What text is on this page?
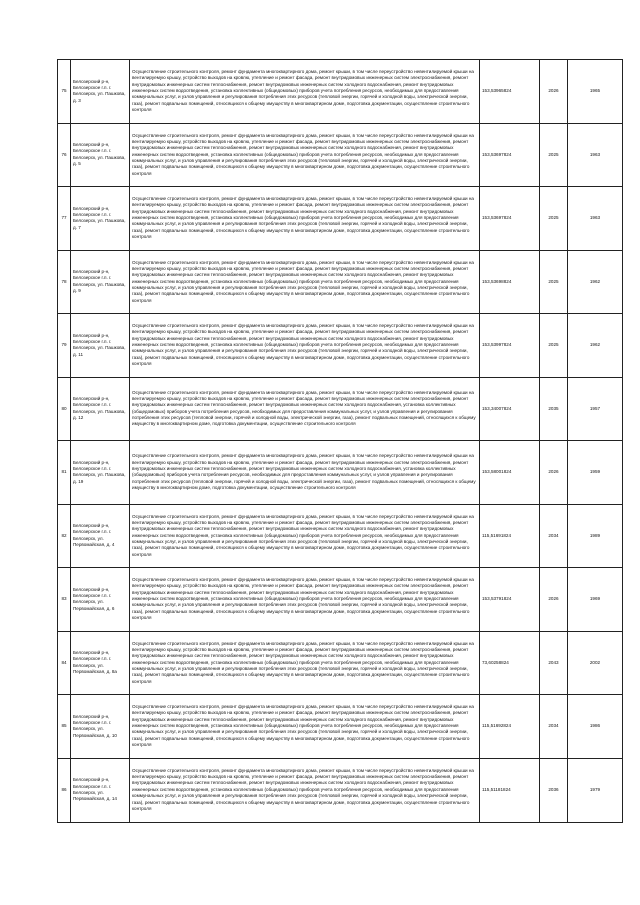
75	Белозерский р-н, Белозерское г.п. г. Белозерск, ул. Пашкова, д. 3	Осуществление строительного контроля, ремонт фундамента многоквартирного дома, ремонт крыши, в том числе переустройство невентилируемой крыши на вентилируемую крышу, устройство выходов на кровлю, утепление и ремонт фасада, ремонт внутридомовых инженерных систем электроснабжения, ремонт внутридомовых инженерных систем теплоснабжения, ремонт внутридомовых инженерных систем холодного водоснабжения, ремонт внутридомовых инженерных систем водоотведения, установка коллективных (общедомовых) приборов учета потребления ресурсов, необходимых для предоставления коммунальных услуг, и узлов управления и регулирования потребления этих ресурсов (тепловой энергии, горячей и холодной воды, электрической энергии, газа), ремонт подвальных помещений, относящихся к общему имуществу в многоквартирном доме, подготовка документации, осуществление строительного контроля	153,53965824	2026	1965
76	Белозерский р-н, Белозерское г.п. г. Белозерск, ул. Пашкова, д. 5	Осуществление строительного контроля, ремонт фундамента многоквартирного дома, ремонт крыши, в том числе переустройство невентилируемой крыши на вентилируемую крышу, устройство выходов на кровлю, утепление и ремонт фасада, ремонт внутридомовых инженерных систем электроснабжения, ремонт внутридомовых инженерных систем теплоснабжения, ремонт внутридомовых инженерных систем холодного водоснабжения, ремонт внутридомовых инженерных систем водоотведения, установка коллективных (общедомовых) приборов учета потребления ресурсов, необходимых для предоставления коммунальных услуг, и узлов управления и регулирования потребления этих ресурсов (тепловой энергии, горячей и холодной воды, электрической энергии, газа), ремонт подвальных помещений, относящихся к общему имуществу в многоквартирном доме, подготовка документации, осуществление строительного контроля	153,53697824	2025	1963
77	Белозерский р-н, Белозерское г.п. г. Белозерск, ул. Пашкова, д. 7	Осуществление строительного контроля, ремонт фундамента многоквартирного дома, ремонт крыши, в том числе переустройство невентилируемой крыши на вентилируемую крышу, устройство выходов на кровлю, утепление и ремонт фасада, ремонт внутридомовых инженерных систем электроснабжения, ремонт внутридомовых инженерных систем теплоснабжения, ремонт внутридомовых инженерных систем холодного водоснабжения, ремонт внутридомовых инженерных систем водоотведения, установка коллективных (общедомовых) приборов учета потребления ресурсов, необходимых для предоставления коммунальных услуг, и узлов управления и регулирования потребления этих ресурсов (тепловой энергии, горячей и холодной воды, электрической энергии, газа), ремонт подвальных помещений, относящихся к общему имуществу в многоквартирном доме, подготовка документации, осуществление строительного контроля	153,53697824	2025	1963
78	Белозерский р-н, Белозерское г.п. г. Белозерск, ул. Пашкова, д. 9	Осуществление строительного контроля, ремонт фундамента многоквартирного дома, ремонт крыши, в том числе переустройство невентилируемой крыши на вентилируемую крышу, устройство выходов на кровлю, утепление и ремонт фасада, ремонт внутридомовых инженерных систем электроснабжения, ремонт внутридомовых инженерных систем теплоснабжения, ремонт внутридомовых инженерных систем холодного водоснабжения, ремонт внутридомовых инженерных систем водоотведения, установка коллективных (общедомовых) приборов учета потребления ресурсов, необходимых для предоставления коммунальных услуг, и узлов управления и регулирования потребления этих ресурсов (тепловой энергии, горячей и холодной воды, электрической энергии, газа), ремонт подвальных помещений, относящихся к общему имуществу в многоквартирном доме, подготовка документации, осуществление строительного контроля	153,53698824	2025	1962
79	Белозерский р-н, Белозерское г.п. г. Белозерск, ул. Пашкова, д. 11	Осуществление строительного контроля, ремонт фундамента многоквартирного дома, ремонт крыши, в том числе переустройство невентилируемой крыши на вентилируемую крышу, устройство выходов на кровлю, утепление и ремонт фасада, ремонт внутридомовых инженерных систем электроснабжения, ремонт внутридомовых инженерных систем теплоснабжения, ремонт внутридомовых инженерных систем холодного водоснабжения, ремонт внутридомовых инженерных систем водоотведения, установка коллективных (общедомовых) приборов учета потребления ресурсов, необходимых для предоставления коммунальных услуг, и узлов управления и регулирования потребления этих ресурсов (тепловой энергии, горячей и холодной воды, электрической энергии, газа), ремонт подвальных помещений, относящихся к общему имуществу в многоквартирном доме, подготовка документации, осуществление строительного контроля	153,53997824	2025	1962
80	Белозерский р-н, Белозерское г.п. г. Белозерск, ул. Пашкова, д. 12	Осуществление строительного контроля, ремонт фундамента многоквартирного дома, ремонт крыши, в том числе переустройство невентилируемой крыши на вентилируемую крышу, устройство выходов на кровлю, утепление и ремонт фасада, ремонт внутридомовых инженерных систем электроснабжения, ремонт внутридомовых инженерных систем теплоснабжения, ремонт внутридомовых инженерных систем холодного водоснабжения, установка коллективных (общедомовых) приборов учета потребления ресурсов, необходимых для предоставления коммунальных услуг, и узлов управления и регулирования потребления этих ресурсов (тепловой энергии, горячей и холодной воды, электрической энергии, газа), ремонт подвальных помещений, относящихся к общему имуществу в многоквартирном доме, подготовка документации, осуществление строительного контроля	153,34007824	2035	1957
81	Белозерский р-н, Белозерское г.п. г. Белозерск, ул. Пашкова, д. 19	Осуществление строительного контроля, ремонт фундамента многоквартирного дома, ремонт крыши, в том числе переустройство невентилируемой крыши на вентилируемую крышу, устройство выходов на кровлю, утепление и ремонт фасада, ремонт внутридомовых инженерных систем электроснабжения, ремонт внутридомовых инженерных систем теплоснабжения, ремонт внутридомовых инженерных систем холодного водоснабжения, установка коллективных (общедомовых) приборов учета потребления ресурсов, необходимых для предоставления коммунальных услуг, и узлов управления и регулирования потребления этих ресурсов (тепловой энергии, горячей и холодной воды, электрической энергии, газа), ремонт подвальных помещений, относящихся к общему имуществу в многоквартирном доме, подготовка документации, осуществление строительного контроля	153,58001824	2026	1959
82	Белозерский р-н, Белозерское г.п. г. Белозерск, ул. Первомайская, д. 4	Осуществление строительного контроля, ремонт фундамента многоквартирного дома, ремонт крыши, в том числе переустройство невентилируемой крыши на вентилируемую крышу, устройство выходов на кровлю, утепление и ремонт фасада, ремонт внутридомовых инженерных систем электроснабжения, ремонт внутридомовых инженерных систем теплоснабжения, ремонт внутридомовых инженерных систем холодного водоснабжения, ремонт внутридомовых инженерных систем водоотведения, установка коллективных (общедомовых) приборов учета потребления ресурсов, необходимых для предоставления коммунальных услуг, и узлов управления и регулирования потребления этих ресурсов (тепловой энергии, горячей и холодной воды, электрической энергии, газа), ремонт подвальных помещений, относящихся к общему имуществу в многоквартирном доме, подготовка документации, осуществление строительного контроля	115,51691824	2034	1989
83	Белозерский р-н, Белозерское г.п. г. Белозерск, ул. Первомайская, д. 6	Осуществление строительного контроля, ремонт фундамента многоквартирного дома, ремонт крыши, в том числе переустройство невентилируемой крыши на вентилируемую крышу, устройство выходов на кровлю, утепление и ремонт фасада, ремонт внутридомовых инженерных систем электроснабжения, ремонт внутридомовых инженерных систем теплоснабжения, ремонт внутридомовых инженерных систем холодного водоснабжения, ремонт внутридомовых инженерных систем водоотведения, установка коллективных (общедомовых) приборов учета потребления ресурсов, необходимых для предоставления коммунальных услуг, и узлов управления и регулирования потребления этих ресурсов (тепловой энергии, горячей и холодной воды, электрической энергии, газа), ремонт подвальных помещений, относящихся к общему имуществу в многоквартирном доме, подготовка документации, осуществление строительного контроля	153,53791824	2026	1969
84	Белозерский р-н, Белозерское г.п. г. Белозерск, ул. Первомайская, д. 8а	Осуществление строительного контроля, ремонт фундамента многоквартирного дома, ремонт крыши, в том числе переустройство невентилируемой крыши на вентилируемую крышу, устройство выходов на кровлю, утепление и ремонт фасада, ремонт внутридомовых инженерных систем электроснабжения, ремонт внутридомовых инженерных систем теплоснабжения, ремонт внутридомовых инженерных систем холодного водоснабжения, ремонт внутридомовых инженерных систем водоотведения, установка коллективных (общедомовых) приборов учета потребления ресурсов, необходимых для предоставления коммунальных услуг, и узлов управления и регулирования потребления этих ресурсов (тепловой энергии, горячей и холодной воды, электрической энергии, газа), ремонт подвальных помещений, относящихся к общему имуществу в многоквартирном доме, подготовка документации, осуществление строительного контроля	73,60258824	2043	2002
85	Белозерский р-н, Белозерское г.п. г. Белозерск, ул. Первомайская, д. 10	Осуществление строительного контроля, ремонт фундамента многоквартирного дома, ремонт крыши, в том числе переустройство невентилируемой крыши на вентилируемую крышу, устройство выходов на кровлю, утепление и ремонт фасада, ремонт внутридомовых инженерных систем электроснабжения, ремонт внутридомовых инженерных систем теплоснабжения, ремонт внутридомовых инженерных систем холодного водоснабжения, ремонт внутридомовых инженерных систем водоотведения, установка коллективных (общедомовых) приборов учета потребления ресурсов, необходимых для предоставления коммунальных услуг, и узлов управления и регулирования потребления этих ресурсов (тепловой энергии, горячей и холодной воды, электрической энергии, газа), ремонт подвальных помещений, относящихся к общему имуществу в многоквартирном доме, подготовка документации, осуществление строительного контроля	115,51692824	2034	1986
86	Белозерский р-н, Белозерское г.п. г. Белозерск, ул. Первомайская, д. 14	Осуществление строительного контроля, ремонт фундамента многоквартирного дома, ремонт крыши, в том числе переустройство невентилируемой крыши на вентилируемую крышу, устройство выходов на кровлю, утепление и ремонт фасада, ремонт внутридомовых инженерных систем электроснабжения, ремонт внутридомовых инженерных систем теплоснабжения, ремонт внутридомовых инженерных систем холодного водоснабжения, ремонт внутридомовых инженерных систем водоотведения, установка коллективных (общедомовых) приборов учета потребления ресурсов, необходимых для предоставления коммунальных услуг, и узлов управления и регулирования потребления этих ресурсов (тепловой энергии, горячей и холодной воды, электрической энергии, газа), ремонт подвальных помещений, относящихся к общему имуществу в многоквартирном доме, подготовка документации, осуществление строительного контроля	115,51181824	2036	1979
